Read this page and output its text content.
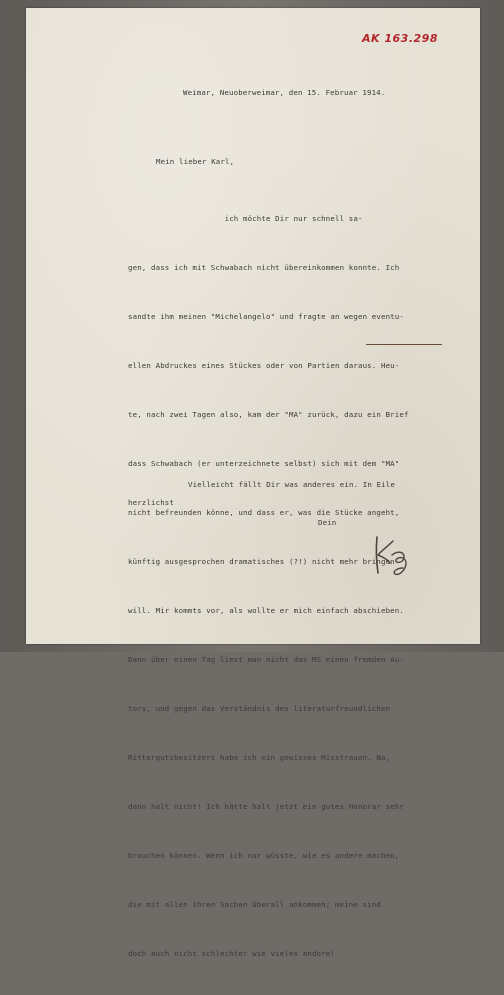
AK 163.298
Weimar, Neuoberweimar, den 15. Februar 1914.
Mein lieber Karl,

ich möchte Dir nur schnell sa-

gen, dass ich mit Schwabach nicht übereinkommen konnte. Ich

sandte ihm meinen "Michelangelo" und fragte an wegen eventu-

ellen Abdruckes eines Stückes oder von Partien daraus. Heu-

te, nach zwei Tagen also, kam der "MA" zurück, dazu ein Brief

dass Schwabach (er unterzeichnete selbst) sich mit dem "MA"

nicht befreunden könne, und dass er, was die Stücke angeht,

künftig ausgesprochen dramatisches (?!) nicht mehr bringen

will. Mir kommts vor, als wollte er mich einfach abschieben.

Dann über einen Tag liest man nicht das MS einen fremden Au-

tors, und gegen das Verständnis des literaturfreundlichen

Rittergutsbesitzers habe ich ein gewisses Misstrauen. Na,

dann halt nicht! Ich hätte halt jetzt ein gutes Honorar sehr

brauchen können. Wenn ich nur wüsste, wie es andere machen,

die mit allen ihren Sachen überall ankommen; meine sind

doch auch nicht schlechter wie vieles andere!

Vielleicht fällt Dir was anderes ein. In Eile
herzlichst
Dein
